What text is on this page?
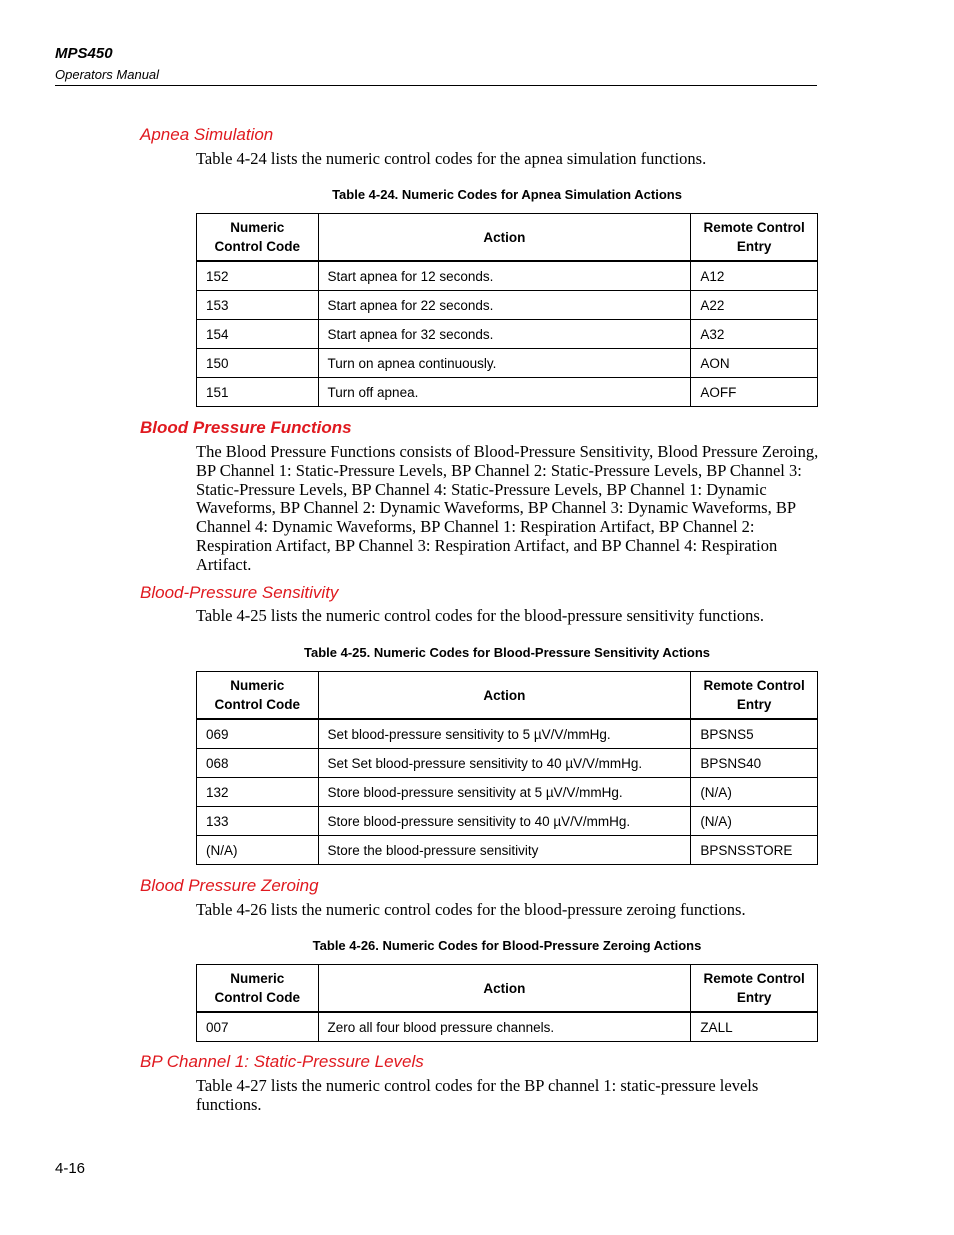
MPS450
Operators Manual
Apnea Simulation
Table 4-24 lists the numeric control codes for the apnea simulation functions.
Table 4-24. Numeric Codes for Apnea Simulation Actions
Numeric
Control Code	Action	Remote Control
Entry
152	Start apnea for 12 seconds.	A12
153	Start apnea for 22 seconds.	A22
154	Start apnea for 32 seconds.	A32
150	Turn on apnea continuously.	AON
151	Turn off apnea.	AOFF
Blood Pressure Functions
The Blood Pressure Functions consists of Blood-Pressure Sensitivity, Blood Pressure Zeroing, BP Channel 1: Static-Pressure Levels, BP Channel 2: Static-Pressure Levels, BP Channel 3: Static-Pressure Levels, BP Channel 4: Static-Pressure Levels, BP Channel 1: Dynamic Waveforms, BP Channel 2: Dynamic Waveforms, BP Channel 3: Dynamic Waveforms, BP Channel 4: Dynamic Waveforms, BP Channel 1: Respiration Artifact, BP Channel 2: Respiration Artifact, BP Channel 3: Respiration Artifact, and BP Channel 4: Respiration Artifact.
Blood-Pressure Sensitivity
Table 4-25 lists the numeric control codes for the blood-pressure sensitivity functions.
Table 4-25. Numeric Codes for Blood-Pressure Sensitivity Actions
Numeric
Control Code	Action	Remote Control
Entry
069	Set blood-pressure sensitivity to 5 µV/V/mmHg.	BPSNS5
068	Set Set blood-pressure sensitivity to 40 µV/V/mmHg.	BPSNS40
132	Store blood-pressure sensitivity at 5 µV/V/mmHg.	(N/A)
133	Store blood-pressure sensitivity to 40 µV/V/mmHg.	(N/A)
(N/A)	Store the blood-pressure sensitivity	BPSNSSTORE
Blood Pressure Zeroing
Table 4-26 lists the numeric control codes for the blood-pressure zeroing functions.
Table 4-26. Numeric Codes for Blood-Pressure Zeroing Actions
Numeric
Control Code	Action	Remote Control
Entry
007	Zero all four blood pressure channels.	ZALL
BP Channel 1: Static-Pressure Levels
Table 4-27 lists the numeric control codes for the BP channel 1: static-pressure levels functions.
4-16
